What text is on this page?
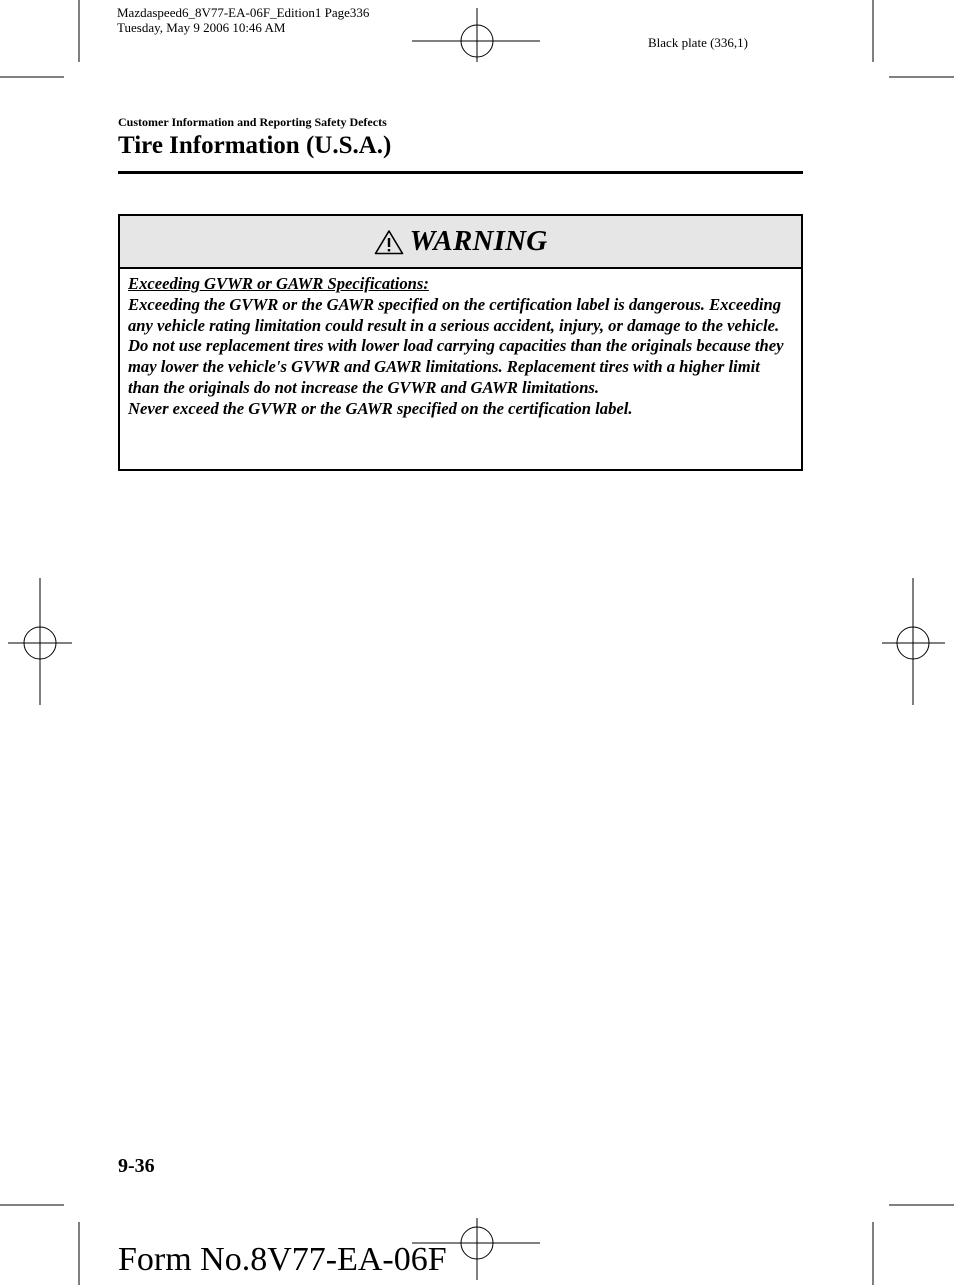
Mazdaspeed6_8V77-EA-06F_Edition1 Page336
Tuesday, May 9 2006 10:46 AM
Black plate (336,1)
Customer Information and Reporting Safety Defects
Tire Information (U.S.A.)
WARNING

Exceeding GVWR or GAWR Specifications:

Exceeding the GVWR or the GAWR specified on the certification label is dangerous. Exceeding any vehicle rating limitation could result in a serious accident, injury, or damage to the vehicle.

Do not use replacement tires with lower load carrying capacities than the originals because they may lower the vehicle's GVWR and GAWR limitations. Replacement tires with a higher limit than the originals do not increase the GVWR and GAWR limitations.

Never exceed the GVWR or the GAWR specified on the certification label.

9-36
Form No.8V77-EA-06F
